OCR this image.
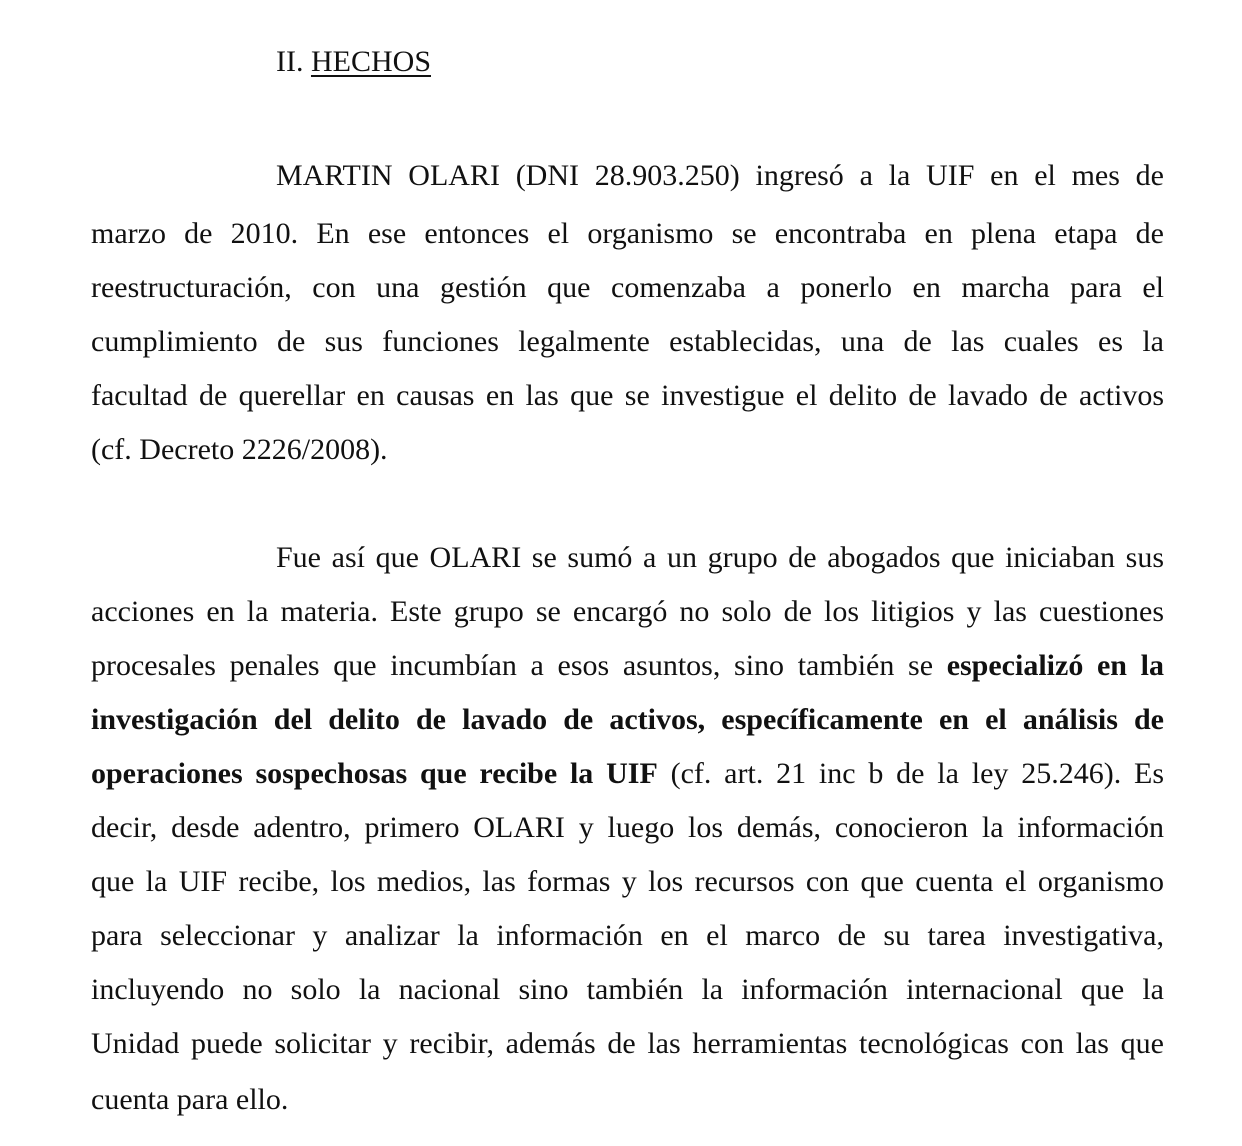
II. HECHOS
MARTIN OLARI (DNI 28.903.250) ingresó a la UIF en el mes de
marzo de 2010. En ese entonces el organismo se encontraba en plena etapa de
reestructuración, con una gestión que comenzaba a ponerlo en marcha para el
cumplimiento de sus funciones legalmente establecidas, una de las cuales es la
facultad de querellar en causas en las que se investigue el delito de lavado de activos
(cf. Decreto 2226/2008).
Fue así que OLARI se sumó a un grupo de abogados que iniciaban sus
acciones en la materia. Este grupo se encargó no solo de los litigios y las cuestiones
procesales penales que incumbían a esos asuntos, sino también se especializó en la
investigación del delito de lavado de activos, específicamente en el análisis de
operaciones sospechosas que recibe la UIF (cf. art. 21 inc b de la ley 25.246). Es
decir, desde adentro, primero OLARI y luego los demás, conocieron la información
que la UIF recibe, los medios, las formas y los recursos con que cuenta el organismo
para seleccionar y analizar la información en el marco de su tarea investigativa,
incluyendo no solo la nacional sino también la información internacional que la
Unidad puede solicitar y recibir, además de las herramientas tecnológicas con las que
cuenta para ello.
